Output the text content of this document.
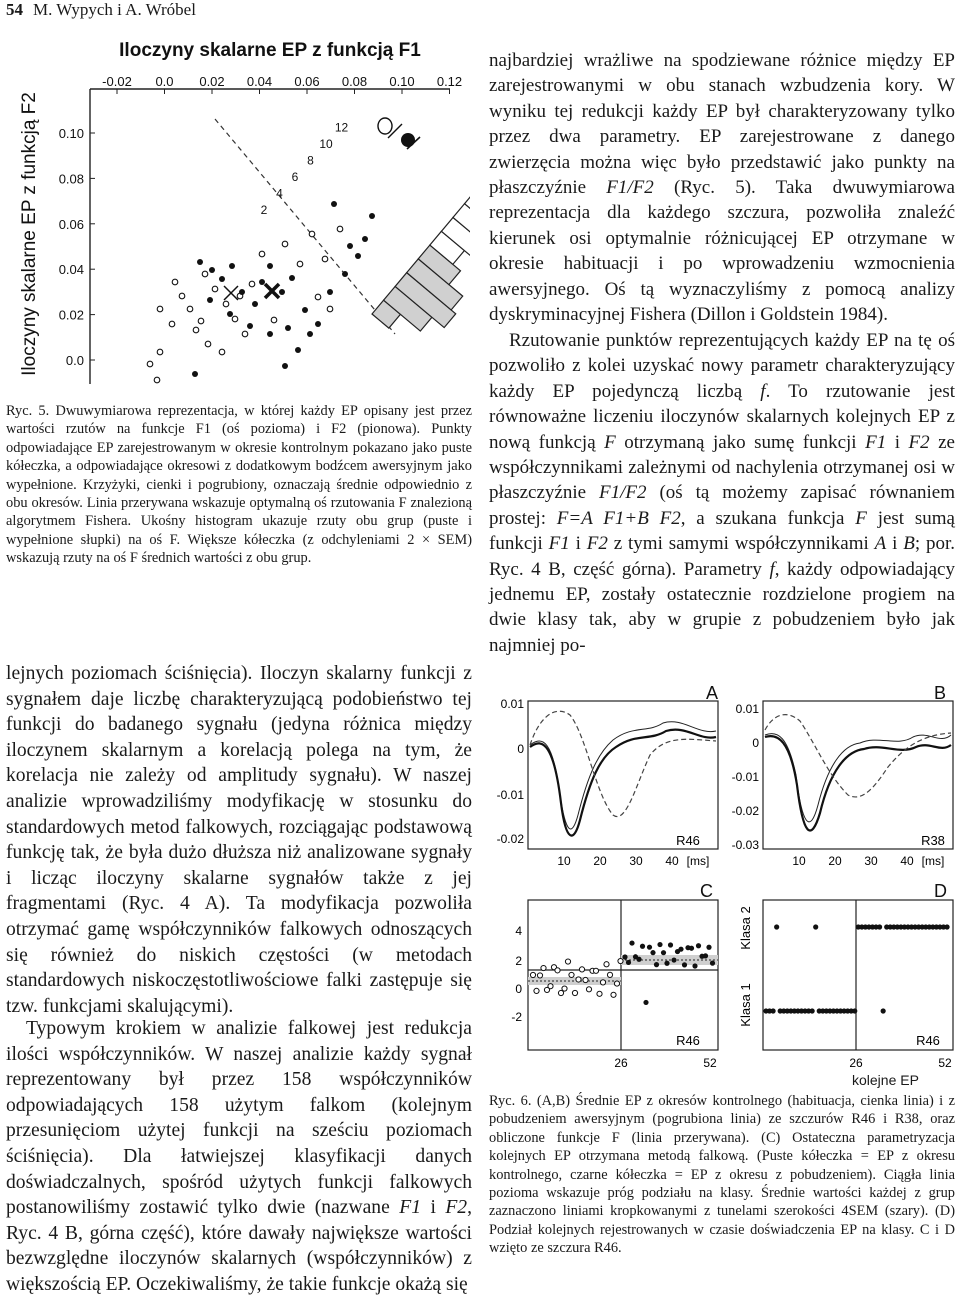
54 M. Wypych i A. Wróbel
Iloczyny skalarne EP z funkcją F1
Iloczyny skalarne EP z funkcją F2
-0.02 0.0 0.02 0.04 0.06 0.08 0.10 0.12
0.10
0.08
0.06
0.04
0.02
0.0
2
4
6
8
10
12

Ryc. 5. Dwuwymiarowa reprezentacja, w której każdy EP opisany jest przez wartości rzutów na funkcje F1 (oś pozioma) i F2 (pionowa). Punkty odpowiadające EP zarejestrowanym w okresie kontrolnym pokazano jako puste kółeczka, a odpowiadające okresowi z dodatkowym bodźcem awersyjnym jako wypełnione. Krzyżyki, cienki i pogrubiony, oznaczają średnie odpowiednio z obu okresów. Linia przerywana wskazuje optymalną oś rzutowania F znalezioną algorytmem Fishera. Ukośny histogram ukazuje rzuty obu grup (puste i wypełnione słupki) na oś F. Większe kółeczka (z odchyleniami 2 × SEM) wskazują rzuty na oś F średnich wartości z obu grup.

lejnych poziomach ściśnięcia). Iloczyn skalarny funkcji z sygnałem daje liczbę charakteryzującą podobieństwo tej funkcji do badanego sygnału (jedyna różnica między iloczynem skalarnym a korelacją polega na tym, że korelacja nie zależy od amplitudy sygnału). W naszej analizie wprowadziliśmy modyfikację w stosunku do standardowych metod falkowych, rozciągając podstawową funkcję tak, że była dużo dłuższa niż analizowane sygnały i licząc iloczyny skalarne sygnałów także z jej fragmentami (Ryc. 4 A). Ta modyfikacja pozwoliła otrzymać gamę współczynników falkowych odnoszących się również do niskich częstości (w metodach standardowych niskoczęstotliwościowe falki zastępuje się tzw. funkcjami skalującymi).

Typowym krokiem w analizie falkowej jest redukcja ilości współczynników. W naszej analizie każdy sygnał reprezentowany był przez 158 współczynników odpowiadających 158 użytym falkom (kolejnym przesunięciom użytej funkcji na sześciu poziomach ściśnięcia). Dla łatwiejszej klasyfikacji danych doświadczalnych, spośród użytych funkcji falkowych postanowiliśmy zostawić tylko dwie (nazwane F1 i F2, Ryc. 4 B, górna część), które dawały największe wartości bezwzględne iloczynów skalarnych (współczynników) z większością EP. Oczekiwaliśmy, że takie funkcje okażą się

najbardziej wrażliwe na spodziewane różnice między EP zarejestrowanymi w obu stanach wzbudzenia kory. W wyniku tej redukcji każdy EP był charakteryzowany tylko przez dwa parametry. EP zarejestrowane z danego zwierzęcia można więc było przedstawić jako punkty na płaszczyźnie F1/F2 (Ryc. 5). Taka dwuwymiarowa reprezentacja dla każdego szczura, pozwoliła znaleźć kierunek osi optymalnie różnicującej EP otrzymane w okresie habituacji i po wprowadzeniu wzmocnienia awersyjnego. Oś tą wyznaczyliśmy z pomocą analizy dyskryminacyjnej Fishera (Dillon i Goldstein 1984).

Rzutowanie punktów reprezentujących każdy EP na tę oś pozwoliło z kolei uzyskać nowy parametr charakteryzujący każdy EP pojedynczą liczbą f. To rzutowanie jest równoważne liczeniu iloczynów skalarnych kolejnych EP z nową funkcją F otrzymaną jako sumę funkcji F1 i F2 ze współczynnikami zależnymi od nachylenia otrzymanej osi w płaszczyźnie F1/F2 (oś tą możemy zapisać równaniem prostej: F=A F1+B F2, a szukana funkcja F jest sumą funkcji F1 i F2 z tymi samymi współczynnikami A i B; por. Ryc. 4 B, część górna). Parametry f, każdy odpowiadający jednemu EP, zostały ostatecznie rozdzielone progiem na dwie klasy tak, aby w grupie z pobudzeniem było jak najmniej po-

A
0.01
0
-0.01
-0.02
10 20 30 40 [ms]
R46
B
0.01
0
-0.01
-0.02
-0.03
10 20 30 40 [ms]
R38
C
4
2
0
-2
26	52
R46
D
Klasa 2
Klasa 1
26	52
R46
kolejne EP

Ryc. 6. (A,B) Średnie EP z okresów kontrolnego (habituacja, cienka linia) i z pobudzeniem awersyjnym (pogrubiona linia) ze szczurów R46 i R38, oraz obliczone funkcje F (linia przerywana). (C) Ostateczna parametryzacja kolejnych EP otrzymana metodą falkową. (Puste kółeczka = EP z okresu kontrolnego, czarne kółeczka = EP z okresu z pobudzeniem). Ciągła linia pozioma wskazuje próg podziału na klasy. Średnie wartości każdej z grup zaznaczono liniami kropkowanymi z tunelami szerokości 4SEM (szary). (D) Podział kolejnych rejestrowanych w czasie doświadczenia EP na klasy. C i D wzięto ze szczura R46.
